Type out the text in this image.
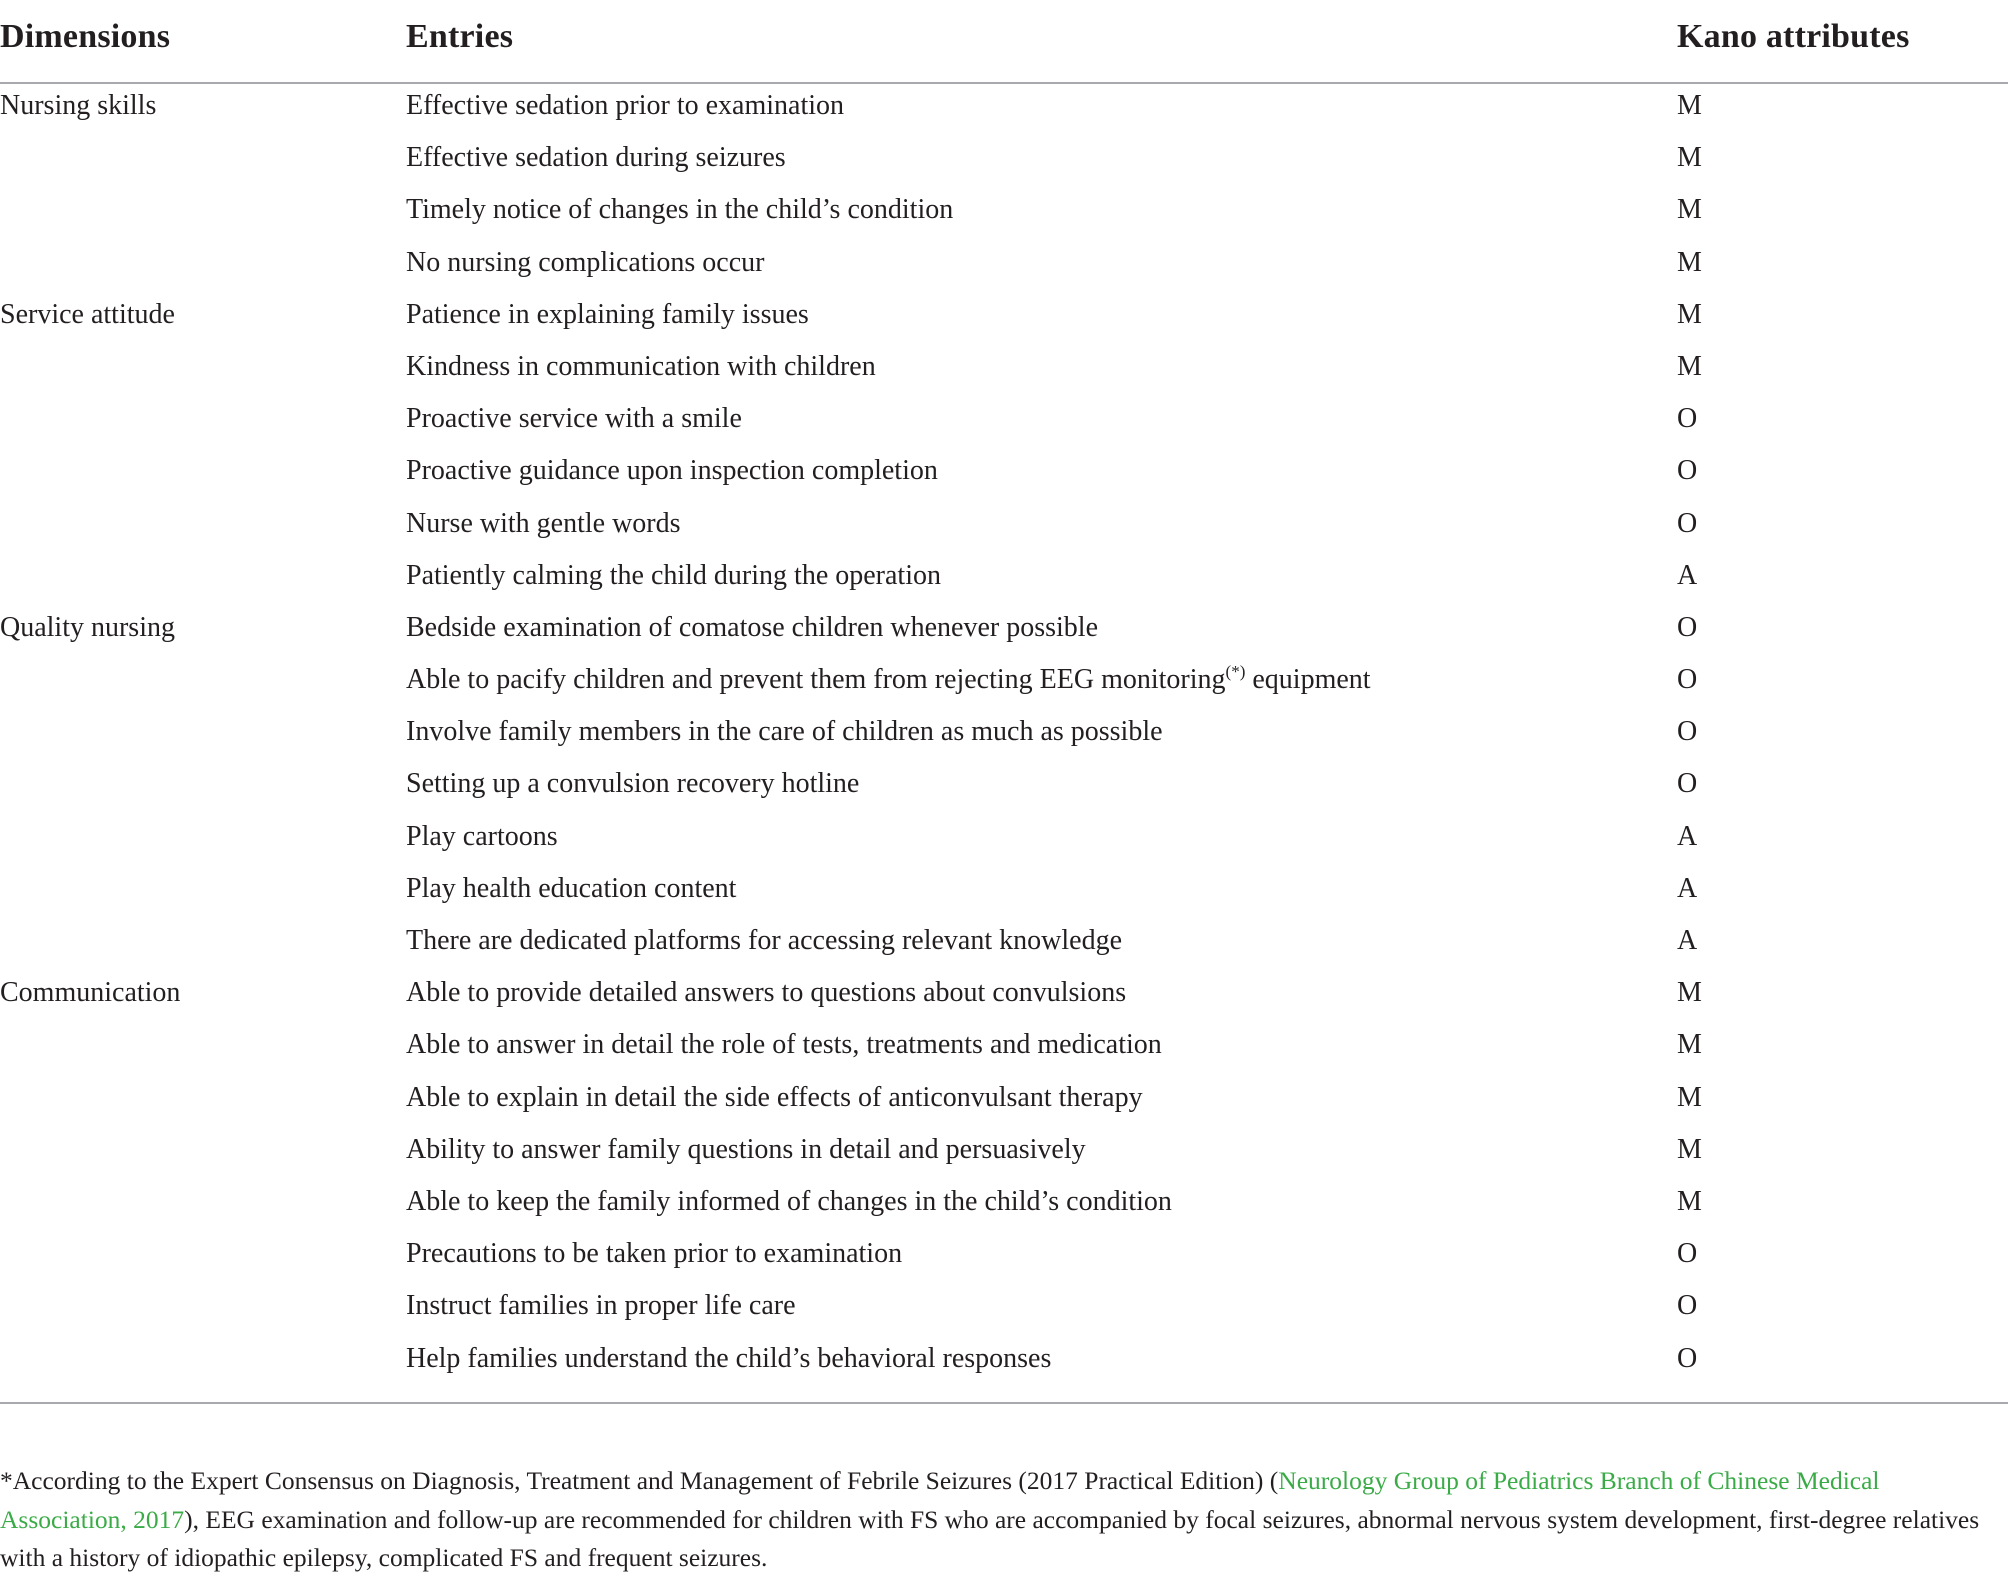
Dimensions	Entries	Kano attributes
Nursing skills	Effective sedation prior to examination	M
Effective sedation during seizures	M
Timely notice of changes in the child’s condition	M
No nursing complications occur	M
Service attitude	Patience in explaining family issues	M
Kindness in communication with children	M
Proactive service with a smile	O
Proactive guidance upon inspection completion	O
Nurse with gentle words	O
Patiently calming the child during the operation	A
Quality nursing	Bedside examination of comatose children whenever possible	O
Able to pacify children and prevent them from rejecting EEG monitoring(*) equipment	O
Involve family members in the care of children as much as possible	O
Setting up a convulsion recovery hotline	O
Play cartoons	A
Play health education content	A
There are dedicated platforms for accessing relevant knowledge	A
Communication	Able to provide detailed answers to questions about convulsions	M
Able to answer in detail the role of tests, treatments and medication	M
Able to explain in detail the side effects of anticonvulsant therapy	M
Ability to answer family questions in detail and persuasively	M
Able to keep the family informed of changes in the child’s condition	M
Precautions to be taken prior to examination	O
Instruct families in proper life care	O
Help families understand the child’s behavioral responses	O
*According to the Expert Consensus on Diagnosis, Treatment and Management of Febrile Seizures (2017 Practical Edition) (Neurology Group of Pediatrics Branch of Chinese Medical Association, 2017), EEG examination and follow-up are recommended for children with FS who are accompanied by focal seizures, abnormal nervous system development, first-degree relatives with a history of idiopathic epilepsy, complicated FS and frequent seizures.
